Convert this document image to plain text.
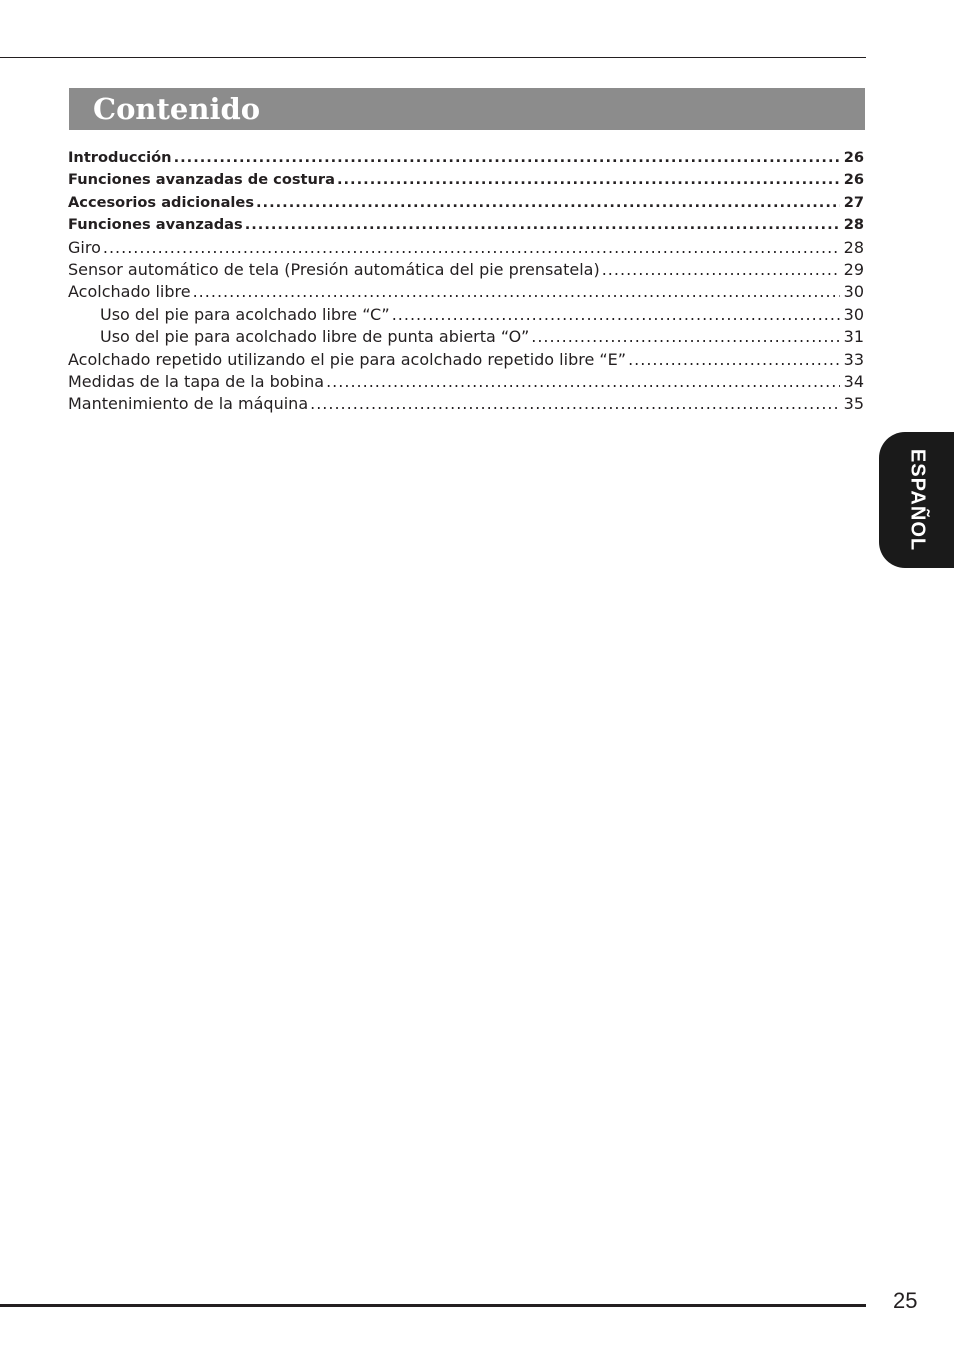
Contenido
Introducción .....	26
Funciones avanzadas de costura .....	26
Accesorios adicionales .....	27
Funciones avanzadas .....	28
Giro .....	28
Sensor automático de tela (Presión automática del pie prensatela) .....	29
Acolchado libre .....	30
Uso del pie para acolchado libre “C” .....	30
Uso del pie para acolchado libre de punta abierta “O” .....	31
Acolchado repetido utilizando el pie para acolchado repetido libre “E” .....	33
Medidas de la tapa de la bobina .....	34
Mantenimiento de la máquina .....	35
ESPAÑOL
25
